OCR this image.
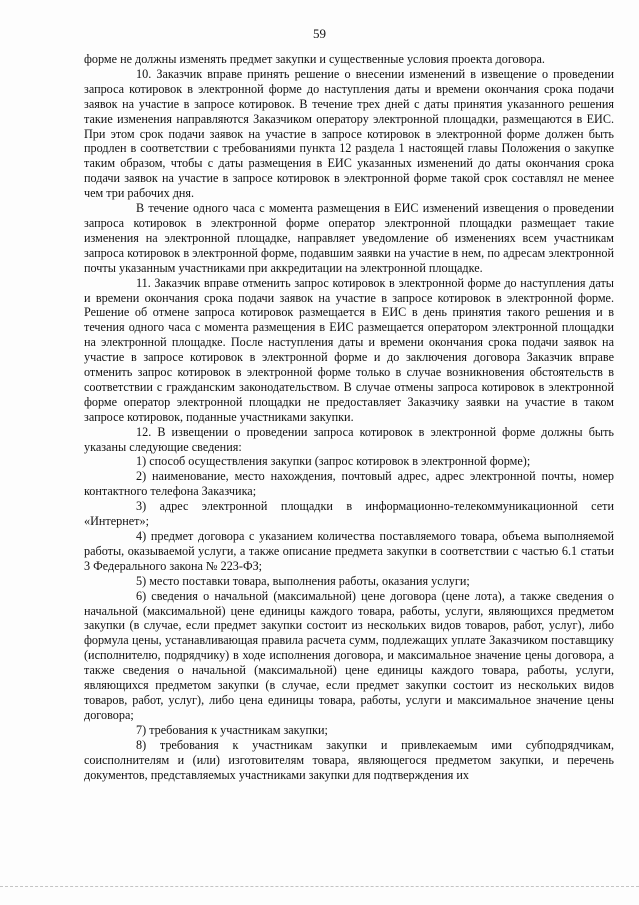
59

форме не должны изменять предмет закупки и существенные условия проекта договора.

10. Заказчик вправе принять решение о внесении изменений в извещение о проведении запроса котировок в электронной форме до наступления даты и времени окончания срока подачи заявок на участие в запросе котировок. В течение трех дней с даты принятия указанного решения такие изменения направляются Заказчиком оператору электронной площадки, размещаются в ЕИС. При этом срок подачи заявок на участие в запросе котировок в электронной форме должен быть продлен в соответствии с требованиями пункта 12 раздела 1 настоящей главы Положения о закупке таким образом, чтобы с даты размещения в ЕИС указанных изменений до даты окончания срока подачи заявок на участие в запросе котировок в электронной форме такой срок составлял не менее чем три рабочих дня.

В течение одного часа с момента размещения в ЕИС изменений извещения о проведении запроса котировок в электронной форме оператор электронной площадки размещает такие изменения на электронной площадке, направляет уведомление об изменениях всем участникам запроса котировок в электронной форме, подавшим заявки на участие в нем, по адресам электронной почты указанным участниками при аккредитации на электронной площадке.

11. Заказчик вправе отменить запрос котировок в электронной форме до наступления даты и времени окончания срока подачи заявок на участие в запросе котировок в электронной форме. Решение об отмене запроса котировок размещается в ЕИС в день принятия такого решения и в течения одного часа с момента размещения в ЕИС размещается оператором электронной площадки на электронной площадке. После наступления даты и времени окончания срока подачи заявок на участие в запросе котировок в электронной форме и до заключения договора Заказчик вправе отменить запрос котировок в электронной форме только в случае возникновения обстоятельств в соответствии с гражданским законодательством. В случае отмены запроса котировок в электронной форме оператор электронной площадки не предоставляет Заказчику заявки на участие в таком запросе котировок, поданные участниками закупки.

12. В извещении о проведении запроса котировок в электронной форме должны быть указаны следующие сведения:

1) способ осуществления закупки (запрос котировок в электронной форме);

2) наименование, место нахождения, почтовый адрес, адрес электронной почты, номер контактного телефона Заказчика;

3) адрес электронной площадки в информационно-телекоммуникационной сети «Интернет»;

4) предмет договора с указанием количества поставляемого товара, объема выполняемой работы, оказываемой услуги, а также описание предмета закупки в соответствии с частью 6.1 статьи 3 Федерального закона № 223-ФЗ;

5) место поставки товара, выполнения работы, оказания услуги;

6) сведения о начальной (максимальной) цене договора (цене лота), а также сведения о начальной (максимальной) цене единицы каждого товара, работы, услуги, являющихся предметом закупки (в случае, если предмет закупки состоит из нескольких видов товаров, работ, услуг), либо формула цены, устанавливающая правила расчета сумм, подлежащих уплате Заказчиком поставщику (исполнителю, подрядчику) в ходе исполнения договора, и максимальное значение цены договора, а также сведения о начальной (максимальной) цене единицы каждого товара, работы, услуги, являющихся предметом закупки (в случае, если предмет закупки состоит из нескольких видов товаров, работ, услуг), либо цена единицы товара, работы, услуги и максимальное значение цены договора;

7) требования к участникам закупки;

8) требования к участникам закупки и привлекаемым ими субподрядчикам, соисполнителям и (или) изготовителям товара, являющегося предметом закупки, и перечень документов, представляемых участниками закупки для подтверждения их
